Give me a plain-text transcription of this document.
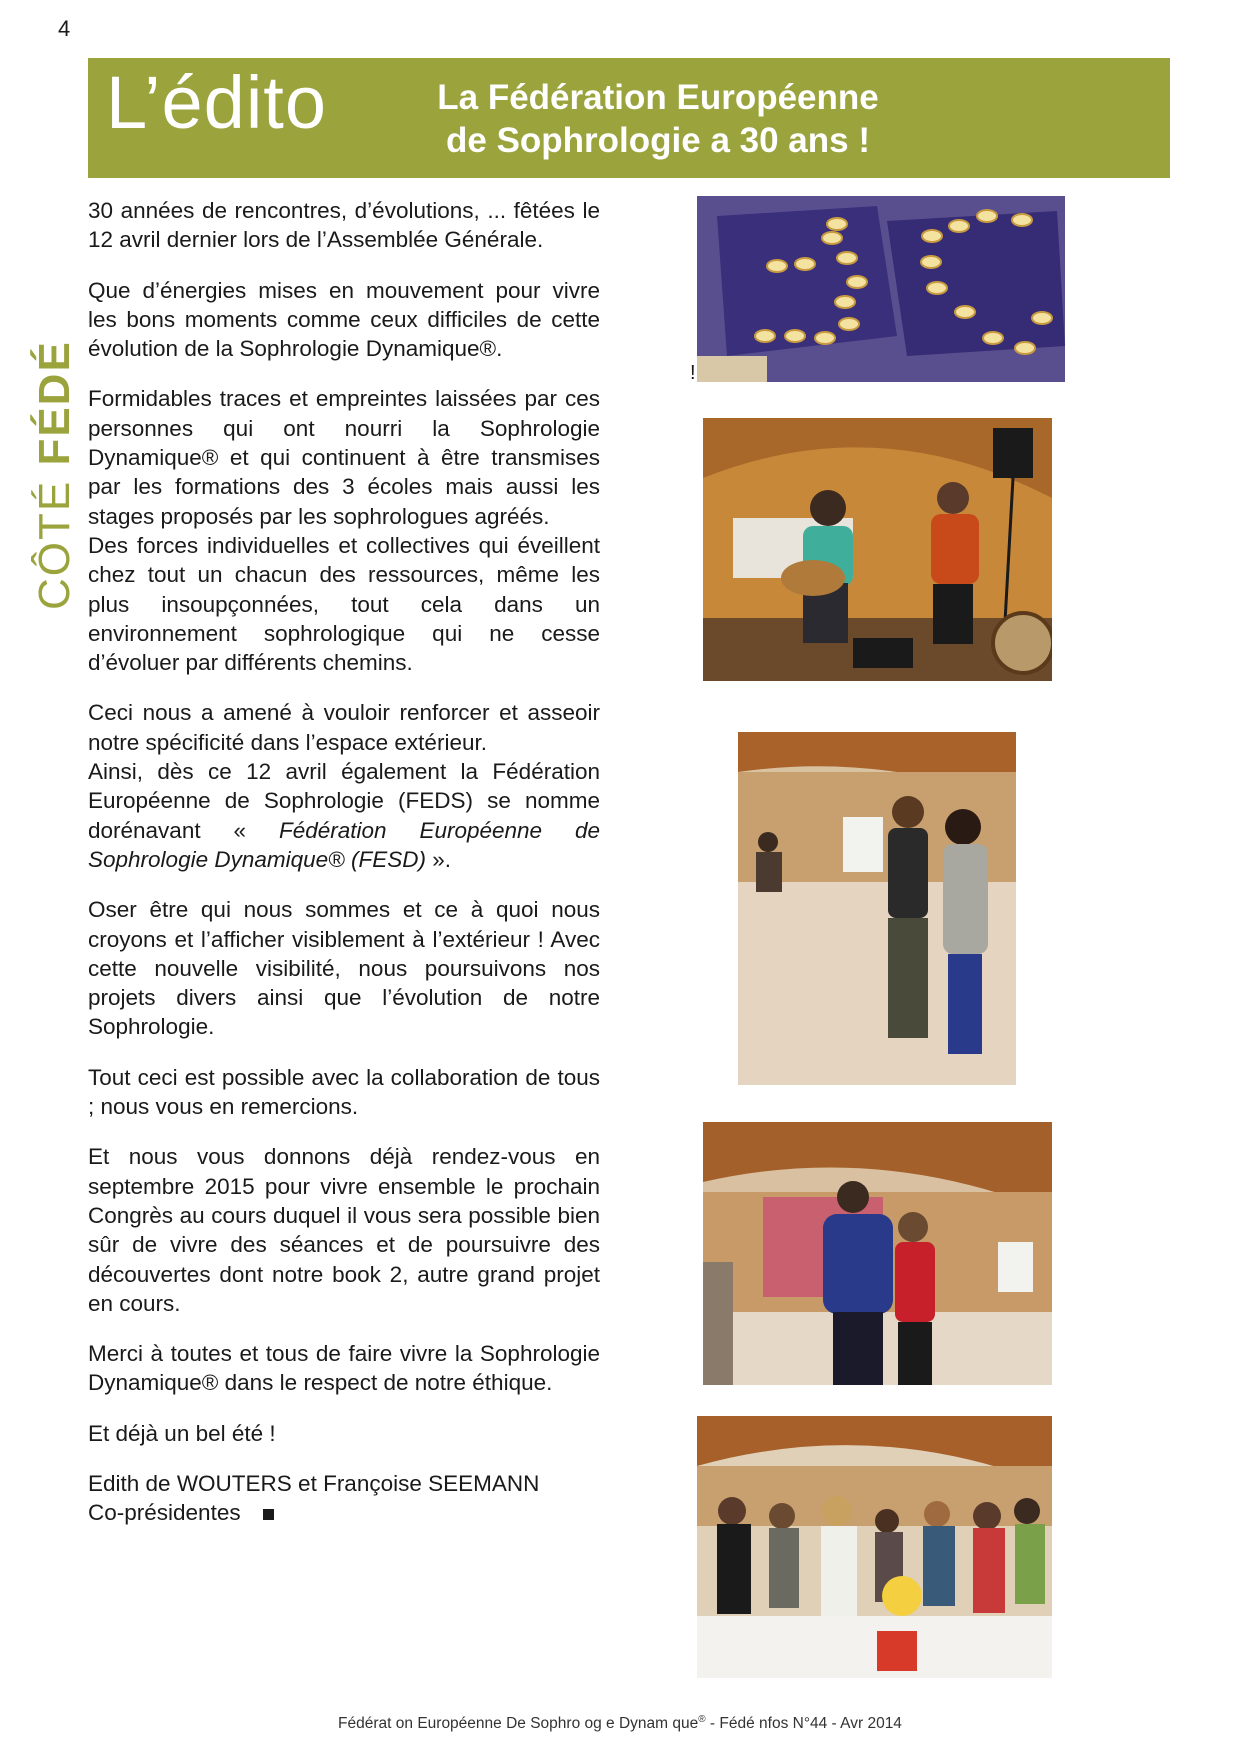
4
L’édito	La Fédération Européenne
de Sophrologie a 30 ans !
CÔTÉ FÉDÉ

30 années de rencontres, d’évolutions, ... fêtées le 12 avril dernier lors de l’Assemblée Générale.

Que d’énergies mises en mouvement pour vivre les bons moments comme ceux difficiles de cette évolution de la Sophrologie Dynamique®.

Formidables traces et empreintes laissées par ces personnes qui ont nourri la Sophrologie Dynamique® et qui continuent à être transmises par les formations des 3 écoles mais aussi les stages proposés par les sophrologues agréés.

Des forces individuelles et collectives qui éveillent chez tout un chacun des ressources, même les plus insoupçonnées, tout cela dans un environnement sophrologique qui ne cesse d’évoluer par différents chemins.

Ceci nous a amené à vouloir renforcer et asseoir notre spécificité dans l’espace extérieur.

Ainsi, dès ce 12 avril également la Fédération Européenne de Sophrologie (FEDS) se nomme dorénavant « Fédération Européenne de Sophrologie Dynamique® (FESD) ».

Oser être qui nous sommes et ce à quoi nous croyons et l’afficher visiblement à l’extérieur ! Avec cette nouvelle visibilité, nous poursuivons nos projets divers ainsi que l’évolution de notre Sophrologie.

Tout ceci est possible avec la collaboration de tous ; nous vous en remercions.

Et nous vous donnons déjà rendez-vous en septembre 2015 pour vivre ensemble le prochain Congrès au cours duquel il vous sera possible bien sûr de vivre des séances et de poursuivre des découvertes dont notre book 2, autre grand projet en cours.

Merci à toutes et tous de faire vivre la Sophrologie Dynamique® dans le respect de notre éthique.

Et déjà un bel été !

Edith de WOUTERS et Françoise SEEMANN

Co-présidentes

!
Fédérat on Européenne De Sophro og e Dynam que® - Fédé nfos N°44 - Avr 2014
